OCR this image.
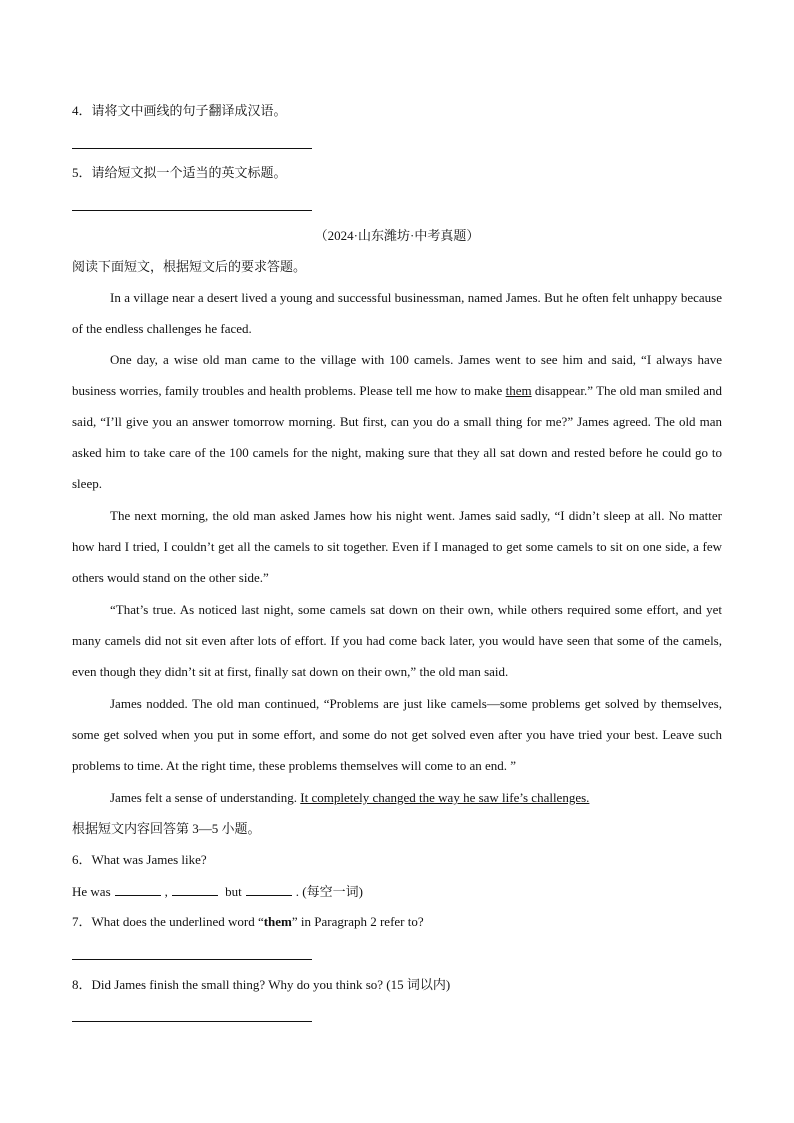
4．请将文中画线的句子翻译成汉语。
5．请给短文拟一个适当的英文标题。
（2024·山东潍坊·中考真题）
阅读下面短文，根据短文后的要求答题。
In a village near a desert lived a young and successful businessman, named James. But he often felt unhappy because of the endless challenges he faced.
One day, a wise old man came to the village with 100 camels. James went to see him and said, “I always have business worries, family troubles and health problems. Please tell me how to make them disappear.” The old man smiled and said, “I’ll give you an answer tomorrow morning. But first, can you do a small thing for me?” James agreed. The old man asked him to take care of the 100 camels for the night, making sure that they all sat down and rested before he could go to sleep.
The next morning, the old man asked James how his night went. James said sadly, “I didn’t sleep at all. No matter how hard I tried, I couldn’t get all the camels to sit together. Even if I managed to get some camels to sit on one side, a few others would stand on the other side.”
“That’s true. As noticed last night, some camels sat down on their own, while others required some effort, and yet many camels did not sit even after lots of effort. If you had come back later, you would have seen that some of the camels, even though they didn’t sit at first, finally sat down on their own,” the old man said.
James nodded. The old man continued, “Problems are just like camels—some problems get solved by themselves, some get solved when you put in some effort, and some do not get solved even after you have tried your best. Leave such problems to time. At the right time, these problems themselves will come to an end. ”
James felt a sense of understanding. It completely changed the way he saw life’s challenges.
根据短文内容回答第 3—5 小题。
6．What was James like?
He was	,	but	. (每空一词)
7．What does the underlined word “them” in Paragraph 2 refer to?
8．Did James finish the small thing? Why do you think so? (15 词以内)
